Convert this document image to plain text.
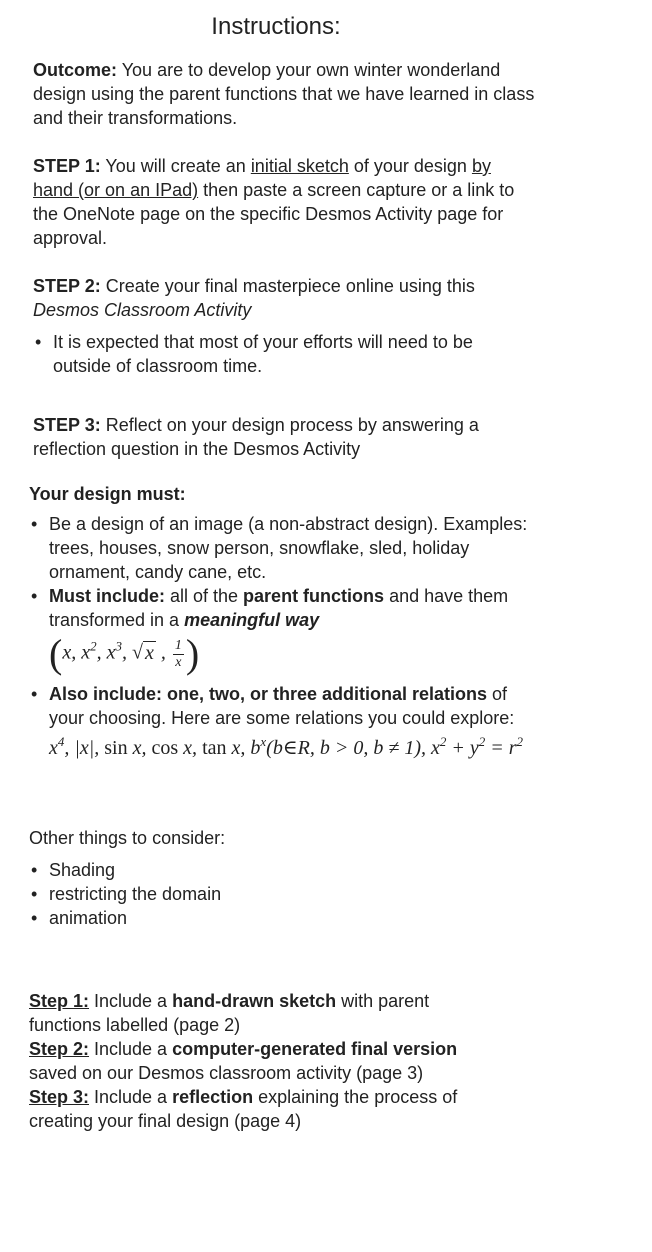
Instructions:

Outcome: You are to develop your own winter wonderland design using the parent functions that we have learned in class and their transformations.

STEP 1: You will create an initial sketch of your design by hand (or on an IPad) then paste a screen capture or a link to the OneNote page on the specific Desmos Activity page for approval.

STEP 2: Create your final masterpiece online using this Desmos Classroom Activity

• It is expected that most of your efforts will need to be outside of classroom time.

STEP 3: Reflect on your design process by answering a reflection question in the Desmos Activity

Your design must:

• Be a design of an image (a non-abstract design). Examples: trees, houses, snow person, snowflake, sled, holiday ornament, candy cane, etc.
• Must include: all of the parent functions and have them transformed in a meaningful way
(x, $x^2$, $x^3$, √ x , $\frac{1}{x}$ )
• Also include: one, two, or three additional relations of your choosing. Here are some relations you could explore:
$x^4$, |x|, sin x, cos x, tan x, $b^x(b\in R$, b > 0, b ≠ 1), $x^2 + y^2 = r^2$

Other things to consider:

• Shading
• restricting the domain
• animation

Step 1: Include a hand-drawn sketch with parent functions labelled (page 2)

Step 2: Include a computer-generated final version saved on our Desmos classroom activity (page 3)

Step 3: Include a reflection explaining the process of creating your final design (page 4)
